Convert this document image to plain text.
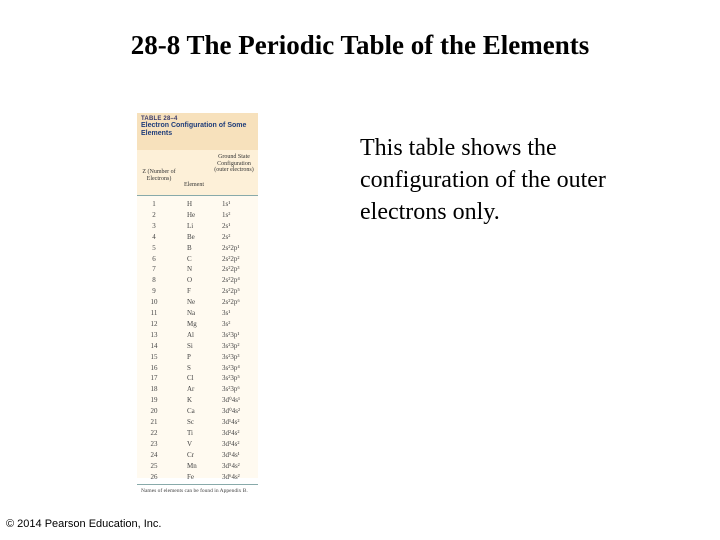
28-8 The Periodic Table of the Elements
TABLE 28–4
Electron Configuration of Some Elements
Z (Number of Electrons)
Element
Ground State Configuration (outer electrons)
1	H	1s¹
2	He	1s²
3	Li	2s¹
4	Be	2s²
5	B	2s²2p¹
6	C	2s²2p²
7	N	2s²2p³
8	O	2s²2p⁴
9	F	2s²2p⁵
10	Ne	2s²2p⁶
11	Na	3s¹
12	Mg	3s²
13	Al	3s²3p¹
14	Si	3s²3p²
15	P	3s²3p³
16	S	3s²3p⁴
17	Cl	3s²3p⁵
18	Ar	3s²3p⁶
19	K	3d⁰4s¹
20	Ca	3d⁰4s²
21	Sc	3d¹4s²
22	Ti	3d²4s²
23	V	3d³4s²
24	Cr	3d⁵4s¹
25	Mn	3d⁵4s²
26	Fe	3d⁶4s²
Names of elements can be found in Appendix B.
This table shows the configuration of the outer electrons only.
© 2014 Pearson Education, Inc.
